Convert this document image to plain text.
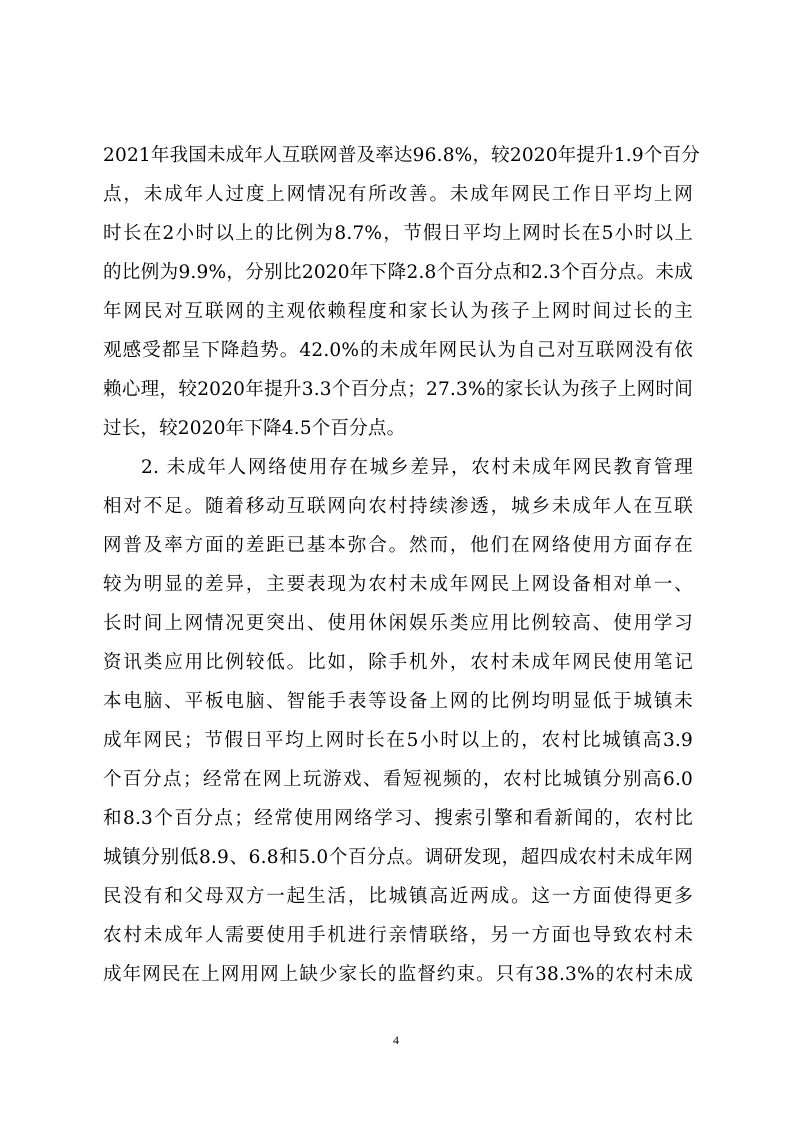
2021年我国未成年人互联网普及率达96.8%，较2020年提升1.9个百分
点，未成年人过度上网情况有所改善。未成年网民工作日平均上网
时长在2小时以上的比例为8.7%，节假日平均上网时长在5小时以上
的比例为9.9%，分别比2020年下降2.8个百分点和2.3个百分点。未成
年网民对互联网的主观依赖程度和家长认为孩子上网时间过长的主
观感受都呈下降趋势。42.0%的未成年网民认为自己对互联网没有依
赖心理，较2020年提升3.3个百分点；27.3%的家长认为孩子上网时间
过长，较2020年下降4.5个百分点。
2. 未成年人网络使用存在城乡差异，农村未成年网民教育管理
相对不足。随着移动互联网向农村持续渗透，城乡未成年人在互联
网普及率方面的差距已基本弥合。然而，他们在网络使用方面存在
较为明显的差异，主要表现为农村未成年网民上网设备相对单一、
长时间上网情况更突出、使用休闲娱乐类应用比例较高、使用学习
资讯类应用比例较低。比如，除手机外，农村未成年网民使用笔记
本电脑、平板电脑、智能手表等设备上网的比例均明显低于城镇未
成年网民；节假日平均上网时长在5小时以上的，农村比城镇高3.9
个百分点；经常在网上玩游戏、看短视频的，农村比城镇分别高6.0
和8.3个百分点；经常使用网络学习、搜索引擎和看新闻的，农村比
城镇分别低8.9、6.8和5.0个百分点。调研发现，超四成农村未成年网
民没有和父母双方一起生活，比城镇高近两成。这一方面使得更多
农村未成年人需要使用手机进行亲情联络，另一方面也导致农村未
成年网民在上网用网上缺少家长的监督约束。只有38.3%的农村未成
4
